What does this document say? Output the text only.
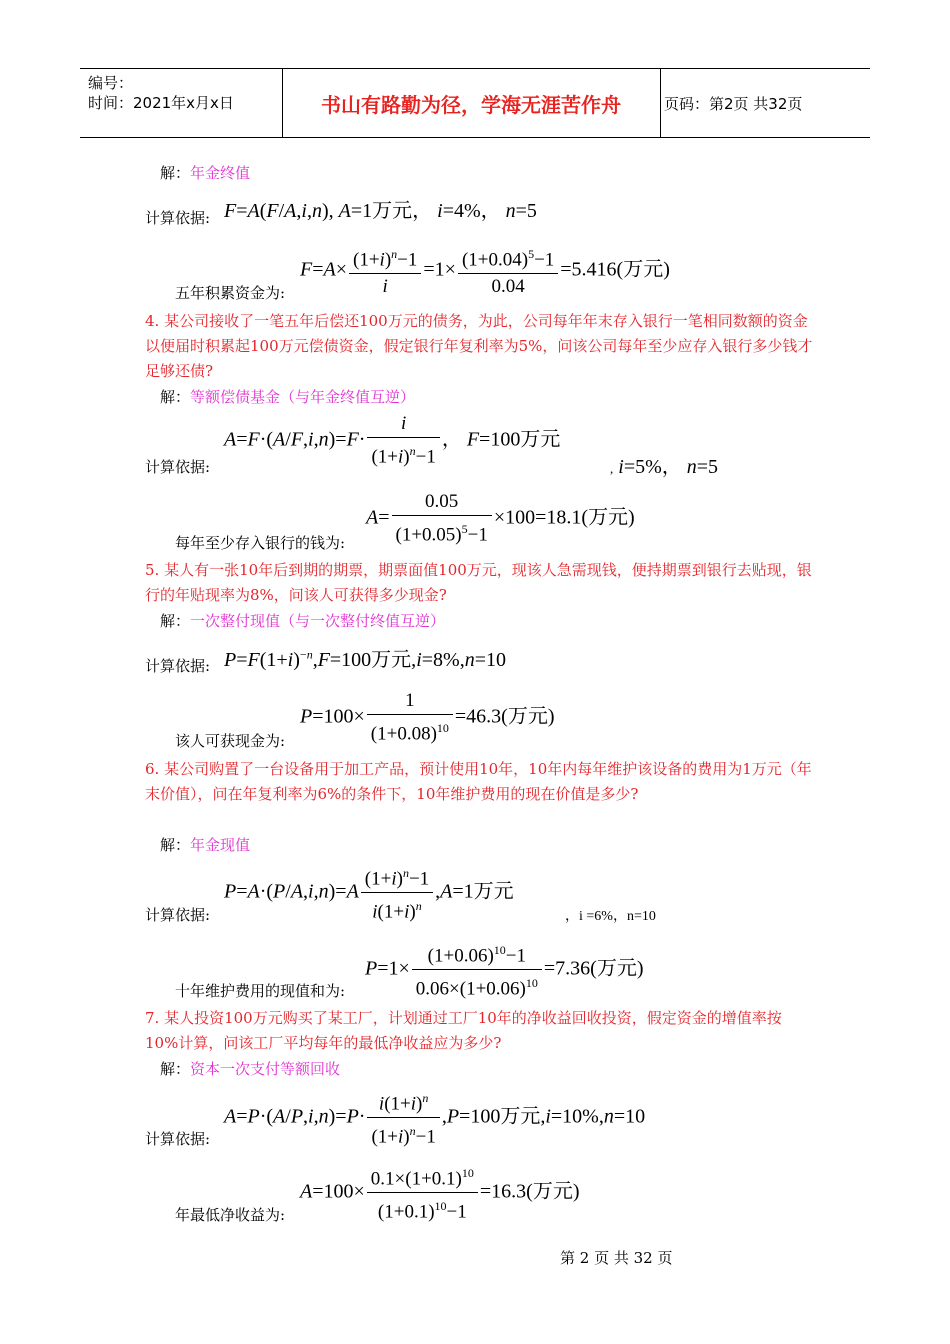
编号：
时间：2021年x月x日	书山有路勤为径，学海无涯苦作舟	页码：第2页 共32页
解：年金终值
计算依据: F=A(F/A,i,n), A=1万元， i=4%， n=5
五年积累资金为:
$F=A\times \frac{(1+i)^n-1}{i} =1\times \frac{(1+0.04)^5-1}{0.04} =5.416$(万元)
4. 某公司接收了一笔五年后偿还100万元的债务，为此，公司每年年末存入银行一笔相同数额的资金以便届时积累起100万元偿债资金，假定银行年复利率为5%，问该公司每年至少应存入银行多少钱才足够还债?
解：等额偿债基金（与年金终值互逆）
计算依据:
$A=F\cdot(A/F,i,n)=F\cdot \frac{i}{(1+i)^n-1}$ ， F=100万元
, i=5%， n=5
每年至少存入银行的钱为:
$A= \frac{0.05}{(1+0.05)^5-1} \times 100=18.1$(万元)
5. 某人有一张10年后到期的期票，期票面值100万元，现该人急需现钱，便持期票到银行去贴现，银行的年贴现率为8%，问该人可获得多少现金?
解：一次整付现值（与一次整付终值互逆）
计算依据: $P=F(1+i)^{-n},F=100$万元,i=8%,n=10
该人可获现金为:
$P=100\times \frac{1}{(1+0.08)^{10}} =46.3$(万元)
6. 某公司购置了一台设备用于加工产品，预计使用10年，10年内每年维护该设备的费用为1万元（年末价值），问在年复利率为6%的条件下，10年维护费用的现在价值是多少?
解：年金现值
计算依据:
$P=A\cdot(P/A,i,n)=A \frac{(1+i)^n-1}{i(1+i)^n} ,A=1$万元
，i =6%，n=10
十年维护费用的现值和为:
$P=1\times \frac{(1+0.06)^{10}-1}{0.06\times(1+0.06)^{10}} =7.36$(万元)
7. 某人投资100万元购买了某工厂，计划通过工厂10年的净收益回收投资，假定资金的增值率按10%计算，问该工厂平均每年的最低净收益应为多少?
解：资本一次支付等额回收
计算依据:
$A=P\cdot(A/P,i,n)=P\cdot \frac{i(1+i)^n}{(1+i)^n-1} ,P=100$万元,i=10%,n=10
年最低净收益为:
$A=100\times \frac{0.1\times(1+0.1)^{10}}{(1+0.1)^{10}-1} =16.3$(万元)
第 2 页 共 32 页
